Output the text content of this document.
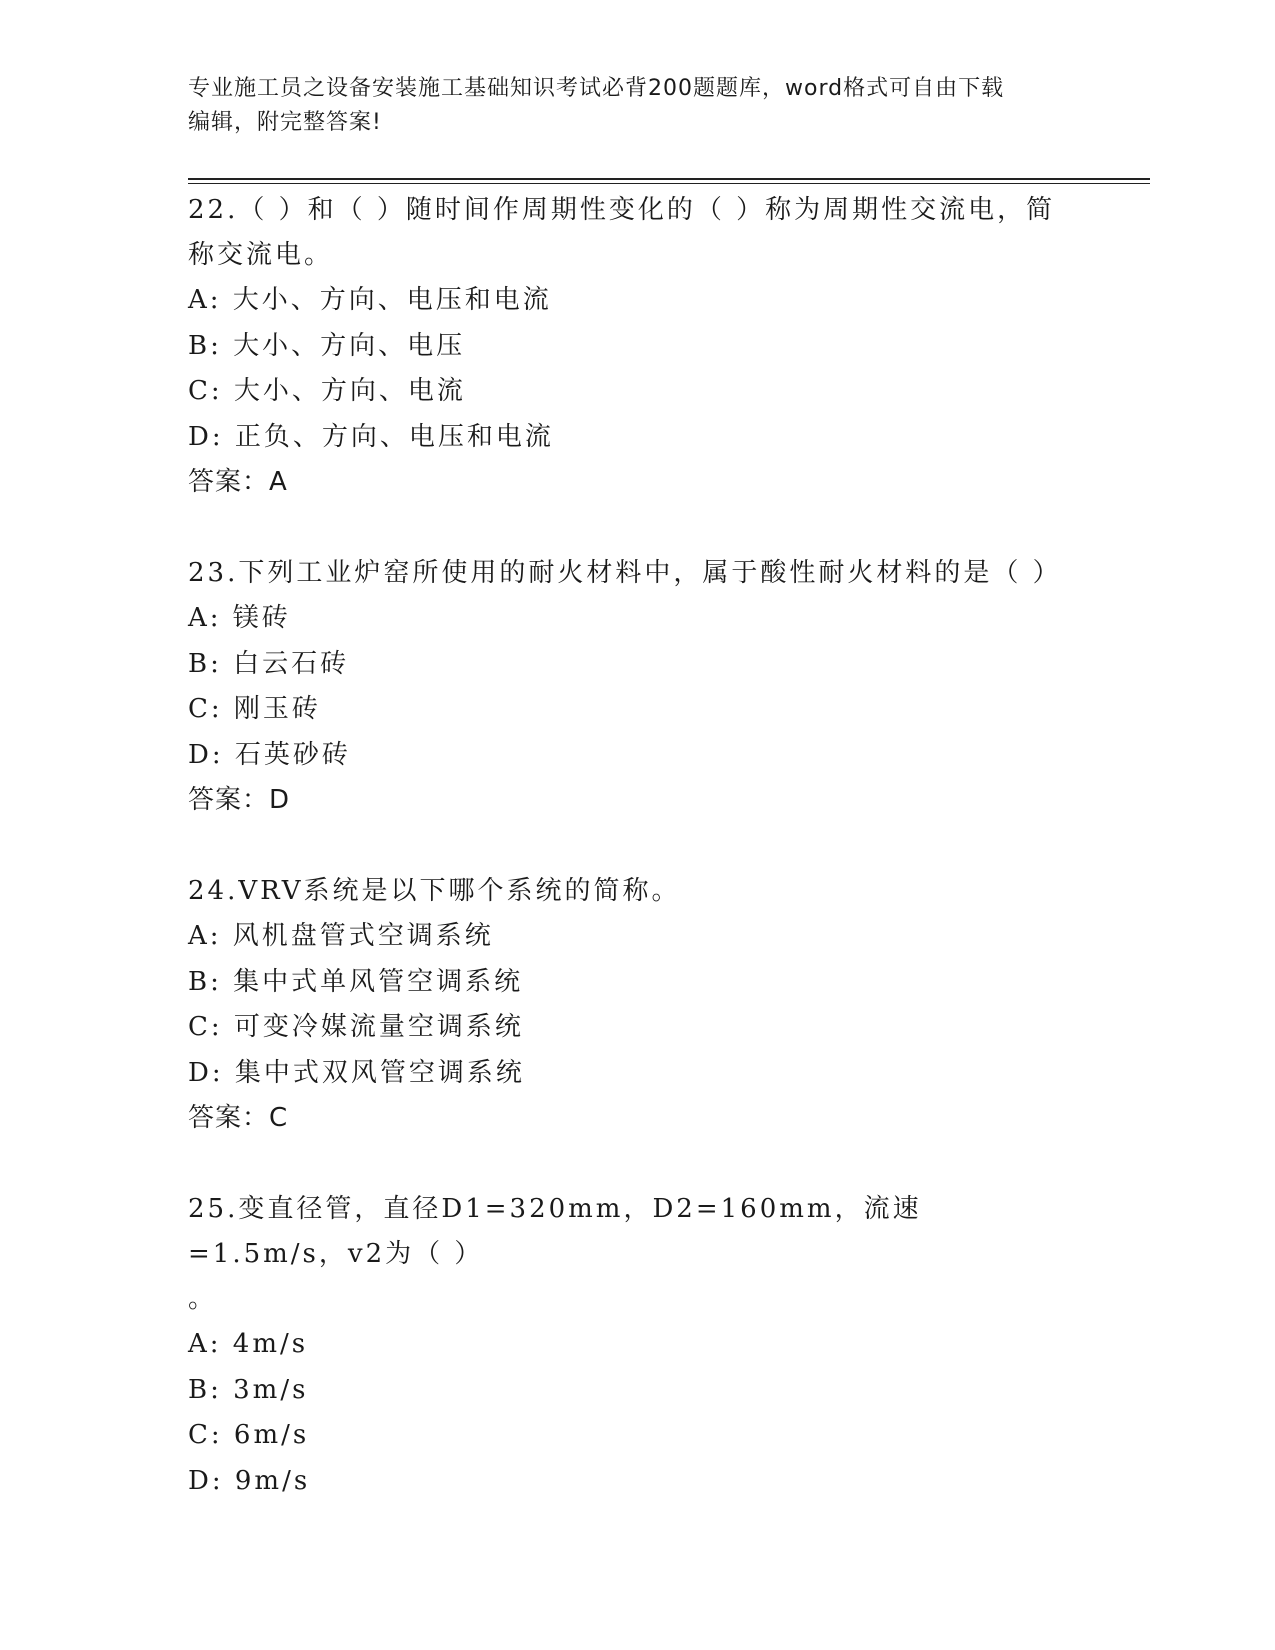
专业施工员之设备安装施工基础知识考试必背200题题库，word格式可自由下载
编辑，附完整答案!
22.（ ）和（ ）随时间作周期性变化的（ ）称为周期性交流电，简
称交流电。
A: 大小、方向、电压和电流
B: 大小、方向、电压
C: 大小、方向、电流
D: 正负、方向、电压和电流
答案：A
23.下列工业炉窑所使用的耐火材料中，属于酸性耐火材料的是（ ）
A: 镁砖
B: 白云石砖
C: 刚玉砖
D: 石英砂砖
答案：D
24.VRV系统是以下哪个系统的简称。
A: 风机盘管式空调系统
B: 集中式单风管空调系统
C: 可变冷媒流量空调系统
D: 集中式双风管空调系统
答案：C
25.变直径管，直径D1=320mm，D2=160mm，流速=1.5m/s，v2为（ ）
。
A: 4m/s
B: 3m/s
C: 6m/s
D: 9m/s
